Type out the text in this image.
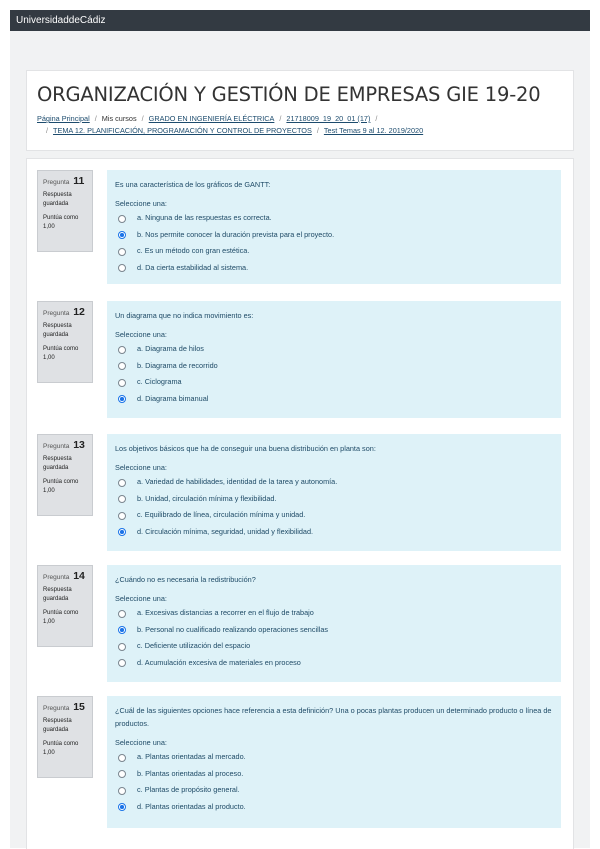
UniversidaddeCádiz
ORGANIZACIÓN Y GESTIÓN DE EMPRESAS GIE 19-20
Página Principal / Mis cursos / GRADO EN INGENIERÍA ELÉCTRICA / 21718009_19_20_01 (17) /
/ TEMA 12. PLANIFICACIÓN, PROGRAMACIÓN Y CONTROL DE PROYECTOS / Test Temas 9 al 12. 2019/2020
Pregunta 11
Respuesta guardada
Puntúa como 1,00
Es una característica de los gráficos de GANTT:
Seleccione una:
a. Ninguna de las respuestas es correcta.
b. Nos permite conocer la duración prevista para el proyecto.
c. Es un método con gran estética.
d. Da cierta estabilidad al sistema.
Pregunta 12
Respuesta guardada
Puntúa como 1,00
Un diagrama que no indica movimiento es:
Seleccione una:
a. Diagrama de hilos
b. Diagrama de recorrido
c. Ciclograma
d. Diagrama bimanual
Pregunta 13
Respuesta guardada
Puntúa como 1,00
Los objetivos básicos que ha de conseguir una buena distribución en planta son:
Seleccione una:
a. Variedad de habilidades, identidad de la tarea y autonomía.
b. Unidad, circulación mínima y flexibilidad.
c. Equilibrado de línea, circulación mínima y unidad.
d. Circulación mínima, seguridad, unidad y flexibilidad.
Pregunta 14
Respuesta guardada
Puntúa como 1,00
¿Cuándo no es necesaria la redistribución?
Seleccione una:
a. Excesivas distancias a recorrer en el flujo de trabajo
b. Personal no cualificado realizando operaciones sencillas
c. Deficiente utilización del espacio
d. Acumulación excesiva de materiales en proceso
Pregunta 15
Respuesta guardada
Puntúa como 1,00
¿Cuál de las siguientes opciones hace referencia a esta definición? Una o pocas plantas producen un determinado producto o línea de productos.
Seleccione una:
a. Plantas orientadas al mercado.
b. Plantas orientadas al proceso.
c. Plantas de propósito general.
d. Plantas orientadas al producto.
